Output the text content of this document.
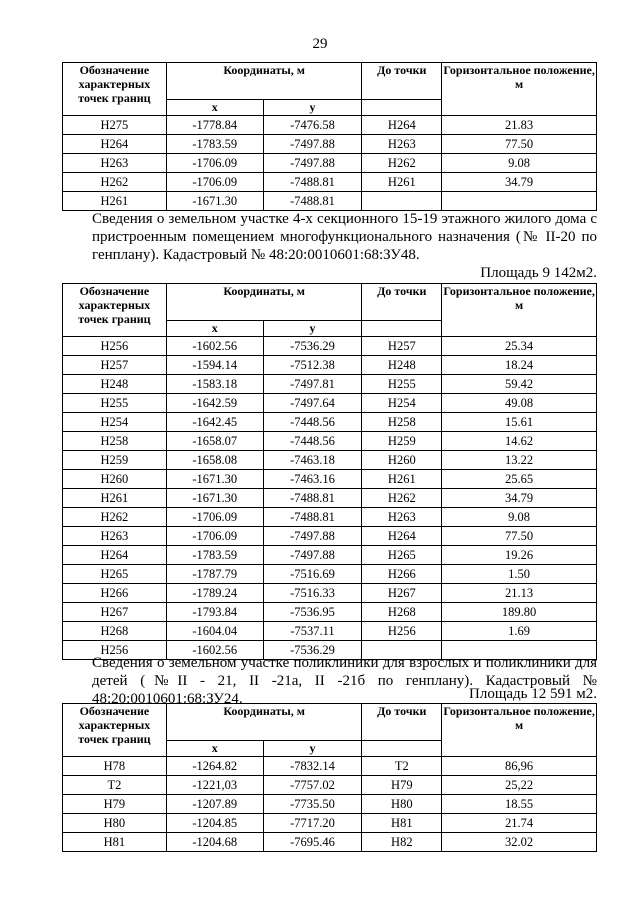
29
Обозначение характерных точек границ	Координаты, м		До точки	Горизонтальное положение, м
	x	y		
Н275	-1778.84	-7476.58	Н264	21.83
Н264	-1783.59	-7497.88	Н263	77.50
Н263	-1706.09	-7497.88	Н262	9.08
Н262	-1706.09	-7488.81	Н261	34.79
Н261	-1671.30	-7488.81		
Сведения о земельном участке 4-х секционного 15-19 этажного жилого дома с пристроенным помещением многофункционального назначения (№ II-20 по генплану). Кадастровый № 48:20:0010601:68:ЗУ48.
Площадь 9 142м2.
Обозначение характерных точек границ	Координаты, м		До точки	Горизонтальное положение, м
	x	y		
Н256	-1602.56	-7536.29	Н257	25.34
Н257	-1594.14	-7512.38	Н248	18.24
Н248	-1583.18	-7497.81	Н255	59.42
Н255	-1642.59	-7497.64	Н254	49.08
Н254	-1642.45	-7448.56	Н258	15.61
Н258	-1658.07	-7448.56	Н259	14.62
Н259	-1658.08	-7463.18	Н260	13.22
Н260	-1671.30	-7463.16	Н261	25.65
Н261	-1671.30	-7488.81	Н262	34.79
Н262	-1706.09	-7488.81	Н263	9.08
Н263	-1706.09	-7497.88	Н264	77.50
Н264	-1783.59	-7497.88	Н265	19.26
Н265	-1787.79	-7516.69	Н266	1.50
Н266	-1789.24	-7516.33	Н267	21.13
Н267	-1793.84	-7536.95	Н268	189.80
Н268	-1604.04	-7537.11	Н256	1.69
Н256	-1602.56	-7536.29		
Сведения о земельном участке поликлиники для взрослых и поликлиники для детей (№II - 21, II -21а, II -21б по генплану). Кадастровый № 48:20:0010601:68:ЗУ24.	Площадь 12 591 м2.
Обозначение характерных точек границ	Координаты, м		До точки	Горизонтальное положение, м
	x	y		
Н78	-1264.82	-7832.14	Т2	86,96
Т2	-1221,03	-7757.02	Н79	25,22
Н79	-1207.89	-7735.50	Н80	18.55
Н80	-1204.85	-7717.20	Н81	21.74
Н81	-1204.68	-7695.46	Н82	32.02
